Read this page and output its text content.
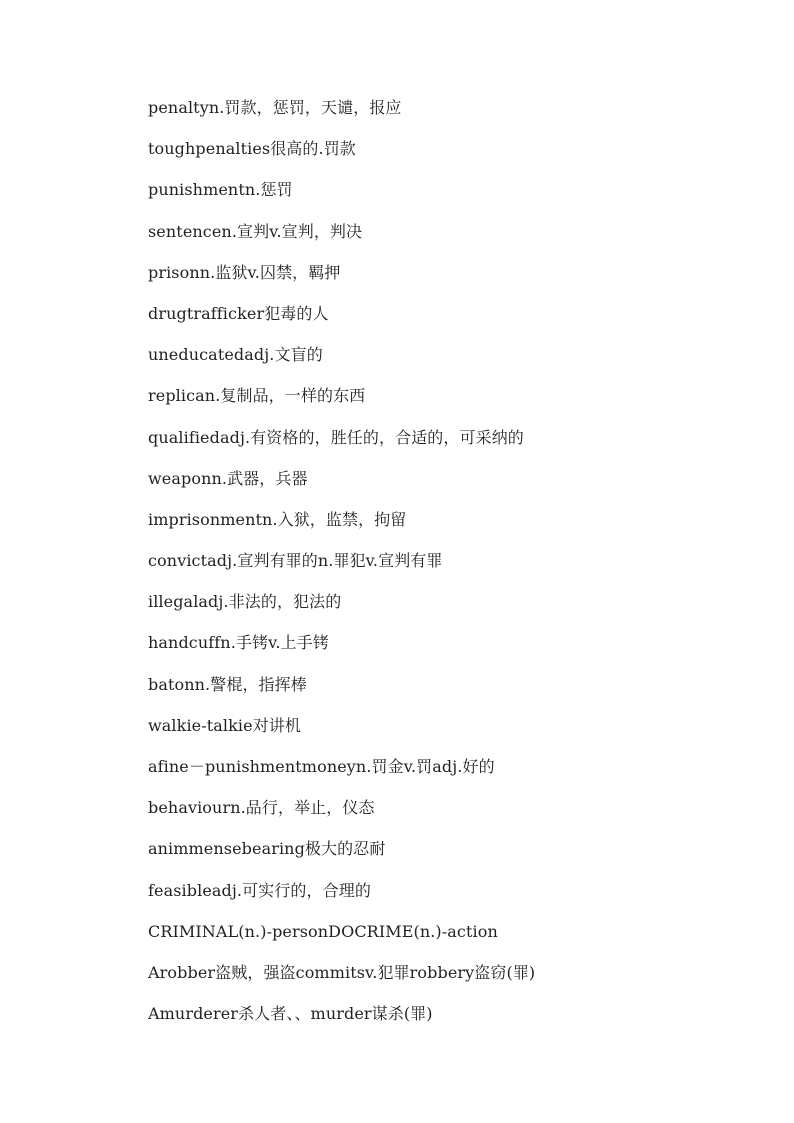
penaltyn.罚款，惩罚，天谴，报应
toughpenalties很高的.罚款
punishmentn.惩罚
sentencen.宣判v.宣判，判决
prisonn.监狱v.囚禁，羁押
drugtrafficker犯毒的人
uneducatedadj.文盲的
replican.复制品，一样的东西
qualifiedadj.有资格的，胜任的，合适的，可采纳的
weaponn.武器，兵器
imprisonmentn.入狱，监禁，拘留
convictadj.宣判有罪的n.罪犯v.宣判有罪
illegaladj.非法的，犯法的
handcuffn.手铐v.上手铐
batonn.警棍，指挥棒
walkie-talkie对讲机
afine－punishmentmoneyn.罚金v.罚adj.好的
behaviourn.品行，举止，仪态
animmensebearing极大的忍耐
feasibleadj.可实行的，合理的
CRIMINAL(n.)-personDOCRIME(n.)-action
Arobber盗贼，强盗commitsv.犯罪robbery盗窃(罪)
Amurderer杀人者、、murder谋杀(罪)
